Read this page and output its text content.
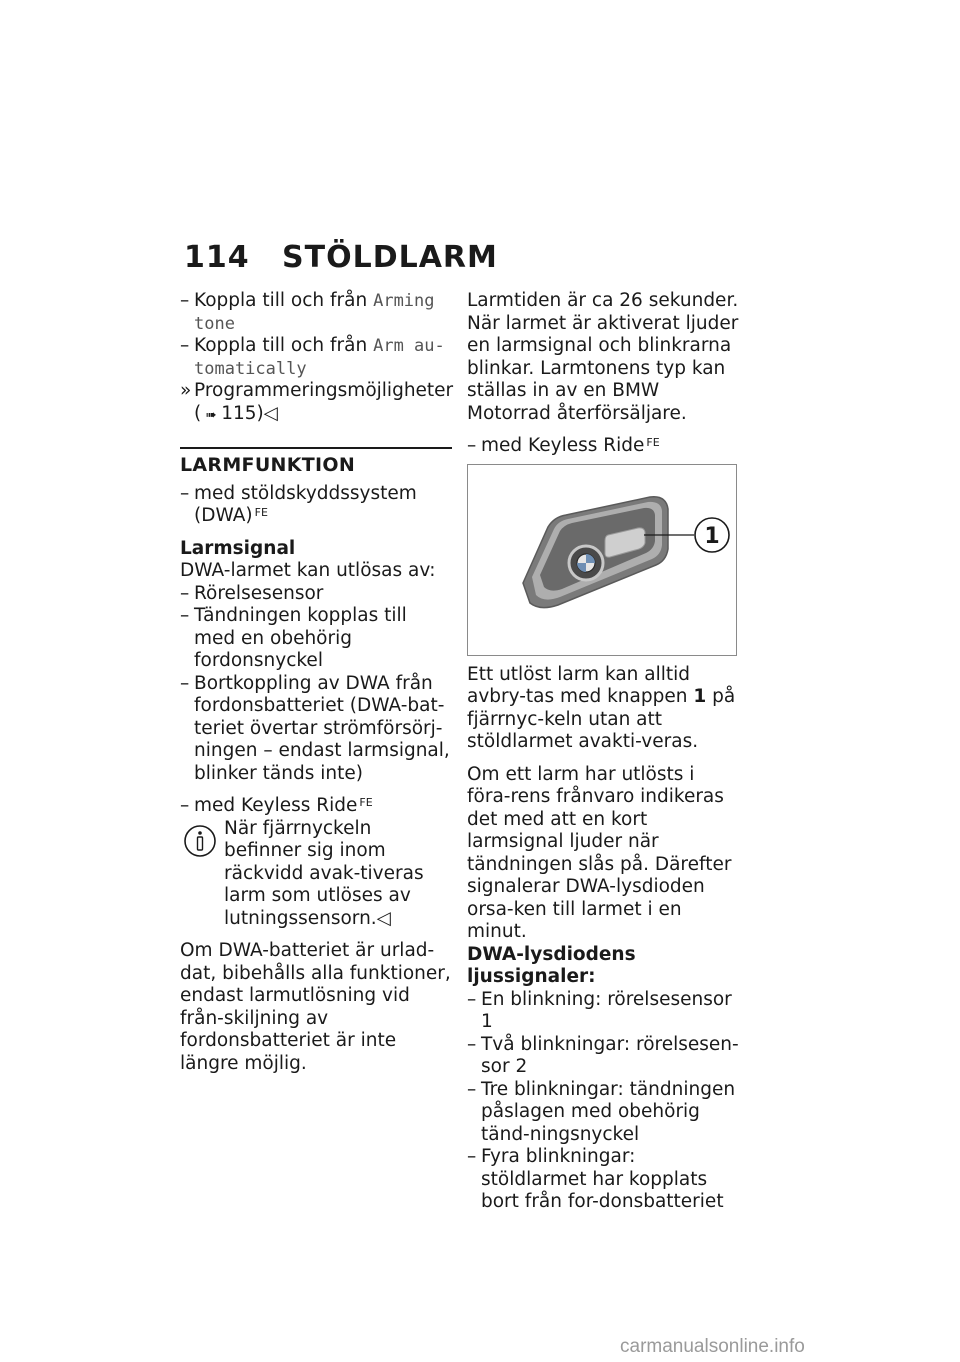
114 STÖLDLARM
– Koppla till och från Arming tone
– Koppla till och från Arm au-tomatically
» Programmeringsmöjligheter
( ➠ 115)◁
LARMFUNKTION
– med stöldskyddssystem (DWA) $^{FE}$
Larmsignal
DWA-larmet kan utlösas av:
– Rörelsesensor
– Tändningen kopplas till med en obehörig fordonsnyckel
– Bortkoppling av DWA från fordonsbatteriet (DWA-bat-teriet övertar strömförsörj-ningen – endast larmsignal, blinker tänds inte)
– med Keyless Ride $^{FE}$
När fjärrnyckeln befinner sig inom räckvidd avak-tiveras larm som utlöses av lutningssensorn.◁
Om DWA-batteriet är urlad-dat, bibehålls alla funktioner, endast larmutlösning vid från-skiljning av fordonsbatteriet är inte längre möjlig.
Larmtiden är ca 26 sekunder. När larmet är aktiverat ljuder en larmsignal och blinkrarna blinkar. Larmtonens typ kan ställas in av en BMW Motorrad återförsäljare.
– med Keyless Ride $^{FE}$
1
Ett utlöst larm kan alltid avbry-tas med knappen 1 på fjärrnyc-keln utan att stöldlarmet avakti-veras.
Om ett larm har utlösts i föra-rens frånvaro indikeras det med att en kort larmsignal ljuder när tändningen slås på. Därefter signalerar DWA-lysdioden orsa-ken till larmet i en minut.
DWA-lysdiodens ljussignaler:
– En blinkning: rörelsesensor 1
– Två blinkningar: rörelsesen-sor 2
– Tre blinkningar: tändningen påslagen med obehörig tänd-ningsnyckel
– Fyra blinkningar: stöldlarmet har kopplats bort från for-donsbatteriet
carmanualsonline.info
